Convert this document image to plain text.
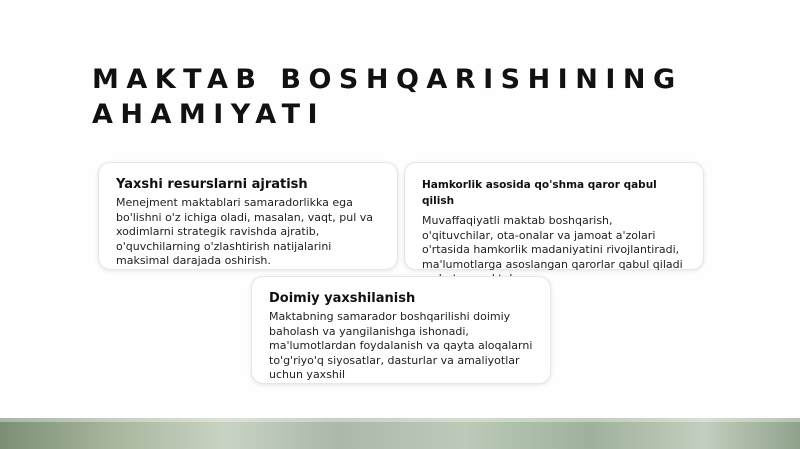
MAKTAB BOSHQARISHINING AHAMIYATI
Yaxshi resurslarni ajratish

Menejment maktablari samaradorlikka ega bo'lishni o'z ichiga oladi, masalan, vaqt, pul va xodimlarni strategik ravishda ajratib, o'quvchilarning o'zlashtirish natijalarini maksimal darajada oshirish.

Hamkorlik asosida qo'shma qaror qabul qilish

Muvaffaqiyatli maktab boshqarish, o'qituvchilar, ota-onalar va jamoat a'zolari o'rtasida hamkorlik madaniyatini rivojlantiradi, ma'lumotlarga asoslangan qarorlar qabul qiladi

Doimiy yaxshilanish

Maktabning samarador boshqarilishi doimiy baholash va yangilanishga ishonadi, ma'lumotlardan foydalanish va qayta aloqalarni to'g'riyo'q siyosatlar, dasturlar va amaliyotlar uchun yaxshil
